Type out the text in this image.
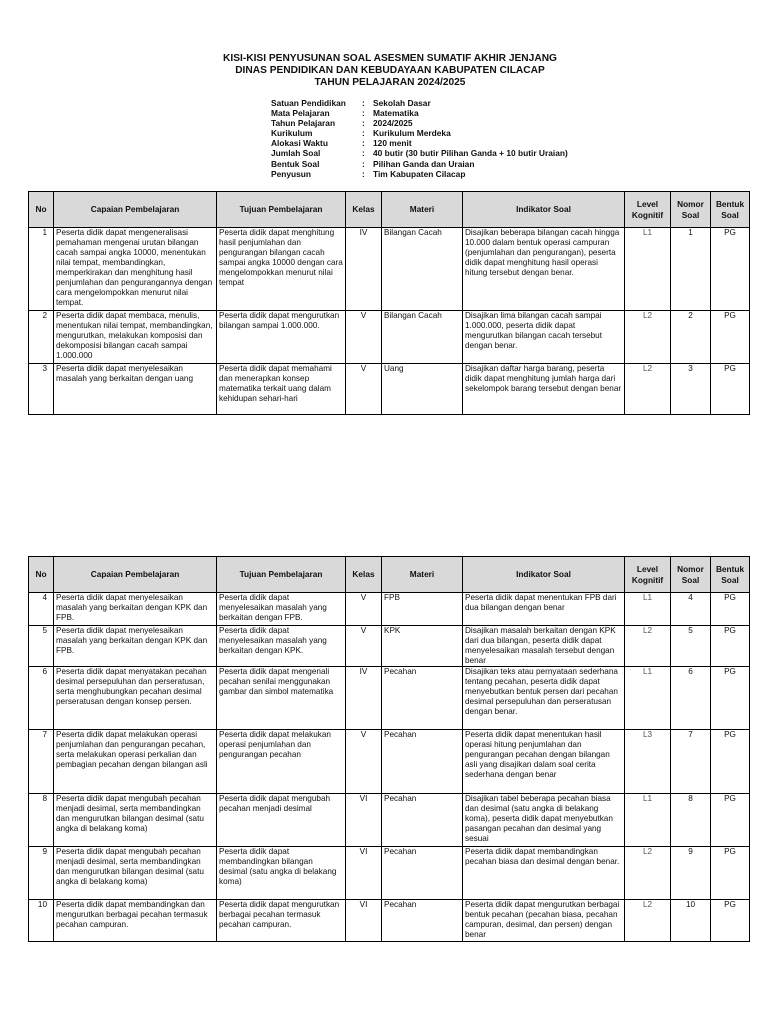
KISI-KISI PENYUSUNAN SOAL ASESMEN SUMATIF AKHIR JENJANG
DINAS PENDIDIKAN DAN KEBUDAYAAN KABUPATEN CILACAP
TAHUN PELAJARAN 2024/2025
Satuan Pendidikan	: Sekolah Dasar
Mata Pelajaran	: Matematika
Tahun Pelajaran	: 2024/2025
Kurikulum	: Kurikulum Merdeka
Alokasi Waktu	: 120 menit
Jumlah Soal	: 40 butir (30 butir Pilihan Ganda + 10 butir Uraian)
Bentuk Soal	: Pilihan Ganda dan Uraian
Penyusun	: Tim Kabupaten Cilacap
No	Capaian Pembelajaran	Tujuan Pembelajaran	Kelas	Materi	Indikator Soal	Level Kognitif	Nomor Soal	Bentuk Soal
1	Peserta didik dapat mengeneralisasi pemahaman mengenai urutan bilangan cacah sampai angka 10000, menentukan nilai tempat, membandingkan, memperkirakan dan menghitung hasil penjumlahan dan pengurangannya dengan cara mengelompokkan menurut nilai tempat.	Peserta didik dapat menghitung hasil penjumlahan dan pengurangan bilangan cacah sampai angka 10000 dengan cara mengelompokkan menurut nilai tempat	IV	Bilangan Cacah	Disajikan beberapa bilangan cacah hingga 10.000 dalam bentuk operasi campuran (penjumlahan dan pengurangan), peserta didik dapat menghitung hasil operasi hitung tersebut dengan benar.	L1	1	PG
2	Peserta didik dapat membaca, menulis, menentukan nilai tempat, membandingkan, mengurutkan, melakukan komposisi dan dekomposisi bilangan cacah sampai 1.000.000	Peserta didik dapat mengurutkan bilangan sampai 1.000.000.	V	Bilangan Cacah	Disajikan lima bilangan cacah sampai 1.000.000, peserta didik dapat mengurutkan bilangan cacah tersebut dengan benar.	L2	2	PG
3	Peserta didik dapat menyelesaikan masalah yang berkaitan dengan uang	Peserta didik dapat memahami dan menerapkan konsep matematika terkait uang dalam kehidupan sehari-hari	V	Uang	Disajikan daftar harga barang, peserta didik dapat menghitung jumlah harga dari sekelompok barang tersebut dengan benar	L2	3	PG
No	Capaian Pembelajaran	Tujuan Pembelajaran	Kelas	Materi	Indikator Soal	Level Kognitif	Nomor Soal	Bentuk Soal
4	Peserta didik dapat menyelesaikan masalah yang berkaitan dengan KPK dan FPB.	Peserta didik dapat menyelesaikan masalah yang berkaitan dengan FPB.	V	FPB	Peserta didik dapat menentukan FPB dari dua bilangan dengan benar	L1	4	PG
5	Peserta didik dapat menyelesaikan masalah yang berkaitan dengan KPK dan FPB.	Peserta didik dapat menyelesaikan masalah yang berkaitan dengan KPK.	V	KPK	Disajikan masalah berkaitan dengan KPK dari dua bilangan, peserta didik dapat menyelesaikan masalah tersebut dengan benar	L2	5	PG
6	Peserta didik dapat menyatakan pecahan desimal persepuluhan dan perseratusan, serta menghubungkan pecahan desimal perseratusan dengan konsep persen.	Peserta didik dapat mengenali pecahan senilai menggunakan gambar dan simbol matematika	IV	Pecahan	Disajikan teks atau pernyataan sederhana tentang pecahan, peserta didik dapat menyebutkan bentuk persen dari pecahan desimal persepuluhan dan perseratusan dengan benar.	L1	6	PG
7	Peserta didik dapat melakukan operasi penjumlahan dan pengurangan pecahan, serta melakukan operasi perkalian dan pembagian pecahan dengan bilangan asli	Peserta didik dapat melakukan operasi penjumlahan dan pengurangan pecahan	V	Pecahan	Peserta didik dapat menentukan hasil operasi hitung penjumlahan dan pengurangan pecahan dengan bilangan asli yang disajikan dalam soal cerita sederhana dengan benar	L3	7	PG
8	Peserta didik dapat mengubah pecahan menjadi desimal, serta membandingkan dan mengurutkan bilangan desimal (satu angka di belakang koma)	Peserta didik dapat mengubah pecahan menjadi desimal	VI	Pecahan	Disajikan tabel beberapa pecahan biasa dan desimal (satu angka di belakang koma), peserta didik dapat menyebutkan pasangan pecahan dan desimal yang sesuai	L1	8	PG
9	Peserta didik dapat mengubah pecahan menjadi desimal, serta membandingkan dan mengurutkan bilangan desimal (satu angka di belakang koma)	Peserta didik dapat membandingkan bilangan desimal (satu angka di belakang koma)	VI	Pecahan	Peserta didik dapat membandingkan pecahan biasa dan desimal dengan benar.	L2	9	PG
10	Peserta didik dapat membandingkan dan mengurutkan berbagai pecahan termasuk pecahan campuran.	Peserta didik dapat mengurutkan berbagai pecahan termasuk pecahan campuran.	VI	Pecahan	Peserta didik dapat mengurutkan berbagai bentuk pecahan (pecahan biasa, pecahan campuran, desimal, dan persen) dengan benar	L2	10	PG
